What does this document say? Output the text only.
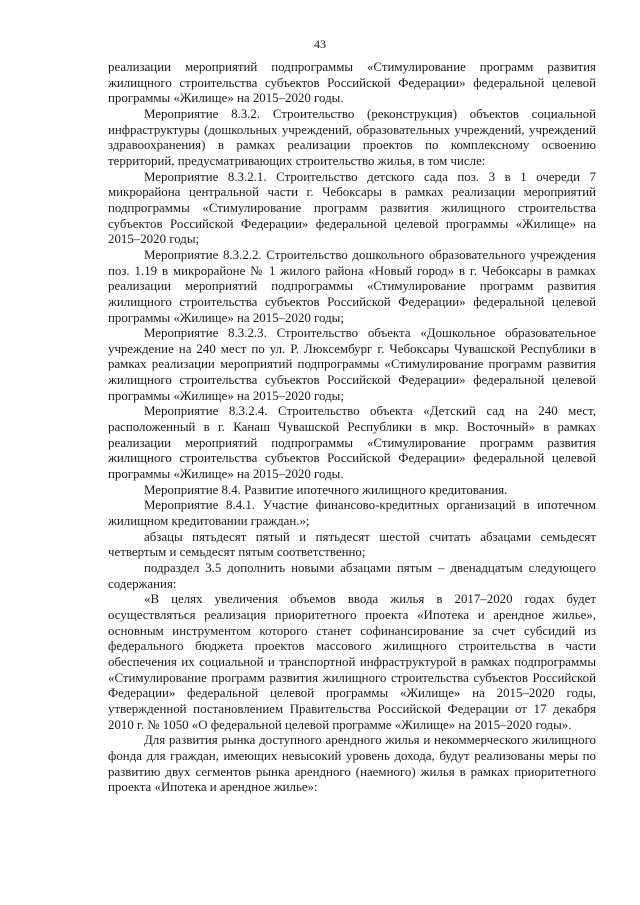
43

реализации мероприятий подпрограммы «Стимулирование программ развития жилищного строительства субъектов Российской Федерации» федеральной целевой программы «Жилище» на 2015–2020 годы.

Мероприятие 8.3.2. Строительство (реконструкция) объектов социальной инфраструктуры (дошкольных учреждений, образовательных учреждений, учреждений здравоохранения) в рамках реализации проектов по комплексному освоению территорий, предусматривающих строительство жилья, в том числе:

Мероприятие 8.3.2.1. Строительство детского сада поз. 3 в 1 очереди 7 микрорайона центральной части г. Чебоксары в рамках реализации мероприятий подпрограммы «Стимулирование программ развития жилищного строительства субъектов Российской Федерации» федеральной целевой программы «Жилище» на 2015–2020 годы;

Мероприятие 8.3.2.2. Строительство дошкольного образовательного учреждения поз. 1.19 в микрорайоне № 1 жилого района «Новый город» в г. Чебоксары в рамках реализации мероприятий подпрограммы «Стимулирование программ развития жилищного строительства субъектов Российской Федерации» федеральной целевой программы «Жилище» на 2015–2020 годы;

Мероприятие 8.3.2.3. Строительство объекта «Дошкольное образовательное учреждение на 240 мест по ул. Р. Люксембург г. Чебоксары Чувашской Республики в рамках реализации мероприятий подпрограммы «Стимулирование программ развития жилищного строительства субъектов Российской Федерации» федеральной целевой программы «Жилище» на 2015–2020 годы;

Мероприятие 8.3.2.4. Строительство объекта «Детский сад на 240 мест, расположенный в г. Канаш Чувашской Республики в мкр. Восточный» в рамках реализации мероприятий подпрограммы «Стимулирование программ развития жилищного строительства субъектов Российской Федерации» федеральной целевой программы «Жилище» на 2015–2020 годы.

Мероприятие 8.4. Развитие ипотечного жилищного кредитования.

Мероприятие 8.4.1. Участие финансово-кредитных организаций в ипотечном жилищном кредитовании граждан.»;

абзацы пятьдесят пятый и пятьдесят шестой считать абзацами семьдесят четвертым и семьдесят пятым соответственно;

подраздел 3.5 дополнить новыми абзацами пятым – двенадцатым следующего содержания:

«В целях увеличения объемов ввода жилья в 2017–2020 годах будет осуществляться реализация приоритетного проекта «Ипотека и арендное жилье», основным инструментом которого станет софинансирование за счет субсидий из федерального бюджета проектов массового жилищного строительства в части обеспечения их социальной и транспортной инфраструктурой в рамках подпрограммы «Стимулирование программ развития жилищного строительства субъектов Российской Федерации» федеральной целевой программы «Жилище» на 2015–2020 годы, утвержденной постановлением Правительства Российской Федерации от 17 декабря 2010 г. № 1050 «О федеральной целевой программе «Жилище» на 2015–2020 годы».

Для развития рынка доступного арендного жилья и некоммерческого жилищного фонда для граждан, имеющих невысокий уровень дохода, будут реализованы меры по развитию двух сегментов рынка арендного (наемного) жилья в рамках приоритетного проекта «Ипотека и арендное жилье»:
